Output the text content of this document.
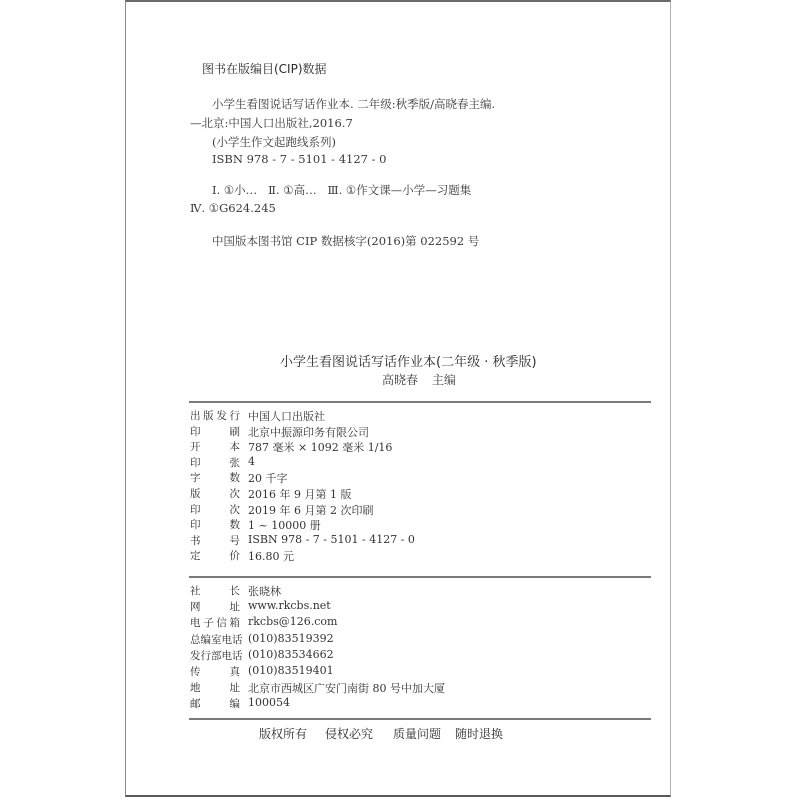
图书在版编目(CIP)数据
小学生看图说话写话作业本. 二年级:秋季版/高晓春主编.
—北京:中国人口出版社,2016.7
(小学生作文起跑线系列)
ISBN 978 - 7 - 5101 - 4127 - 0
Ⅰ. ①小…   Ⅱ. ①高…   Ⅲ. ①作文课—小学—习题集
Ⅳ. ①G624.245
中国版本图书馆 CIP 数据核字(2016)第 022592 号
小学生看图说话写话作业本(二年级 · 秋季版)
高晓春 主编
出 版 发 行 中国人口出版社
印	刷 北京中振源印务有限公司
开	本 787 毫米 × 1092 毫米 1/16
印	张 4
字	数 20 千字
版	次 2016 年 9 月第 1 版
印	次 2019 年 6 月第 2 次印刷
印	数 1 ~ 10000 册
书	号 ISBN 978 - 7 - 5101 - 4127 - 0
定	价 16.80 元
社	长 张晓林
网	址 www.rkcbs.net
电 子 信 箱 rkcbs@126.com
总 编 室 电 话 (010)83519392
发 行 部 电 话 (010)83534662
传	真 (010)83519401
地	址 北京市西城区广安门南街 80 号中加大厦
邮	编 100054
版权所有 侵权必究 质量问题 随时退换
